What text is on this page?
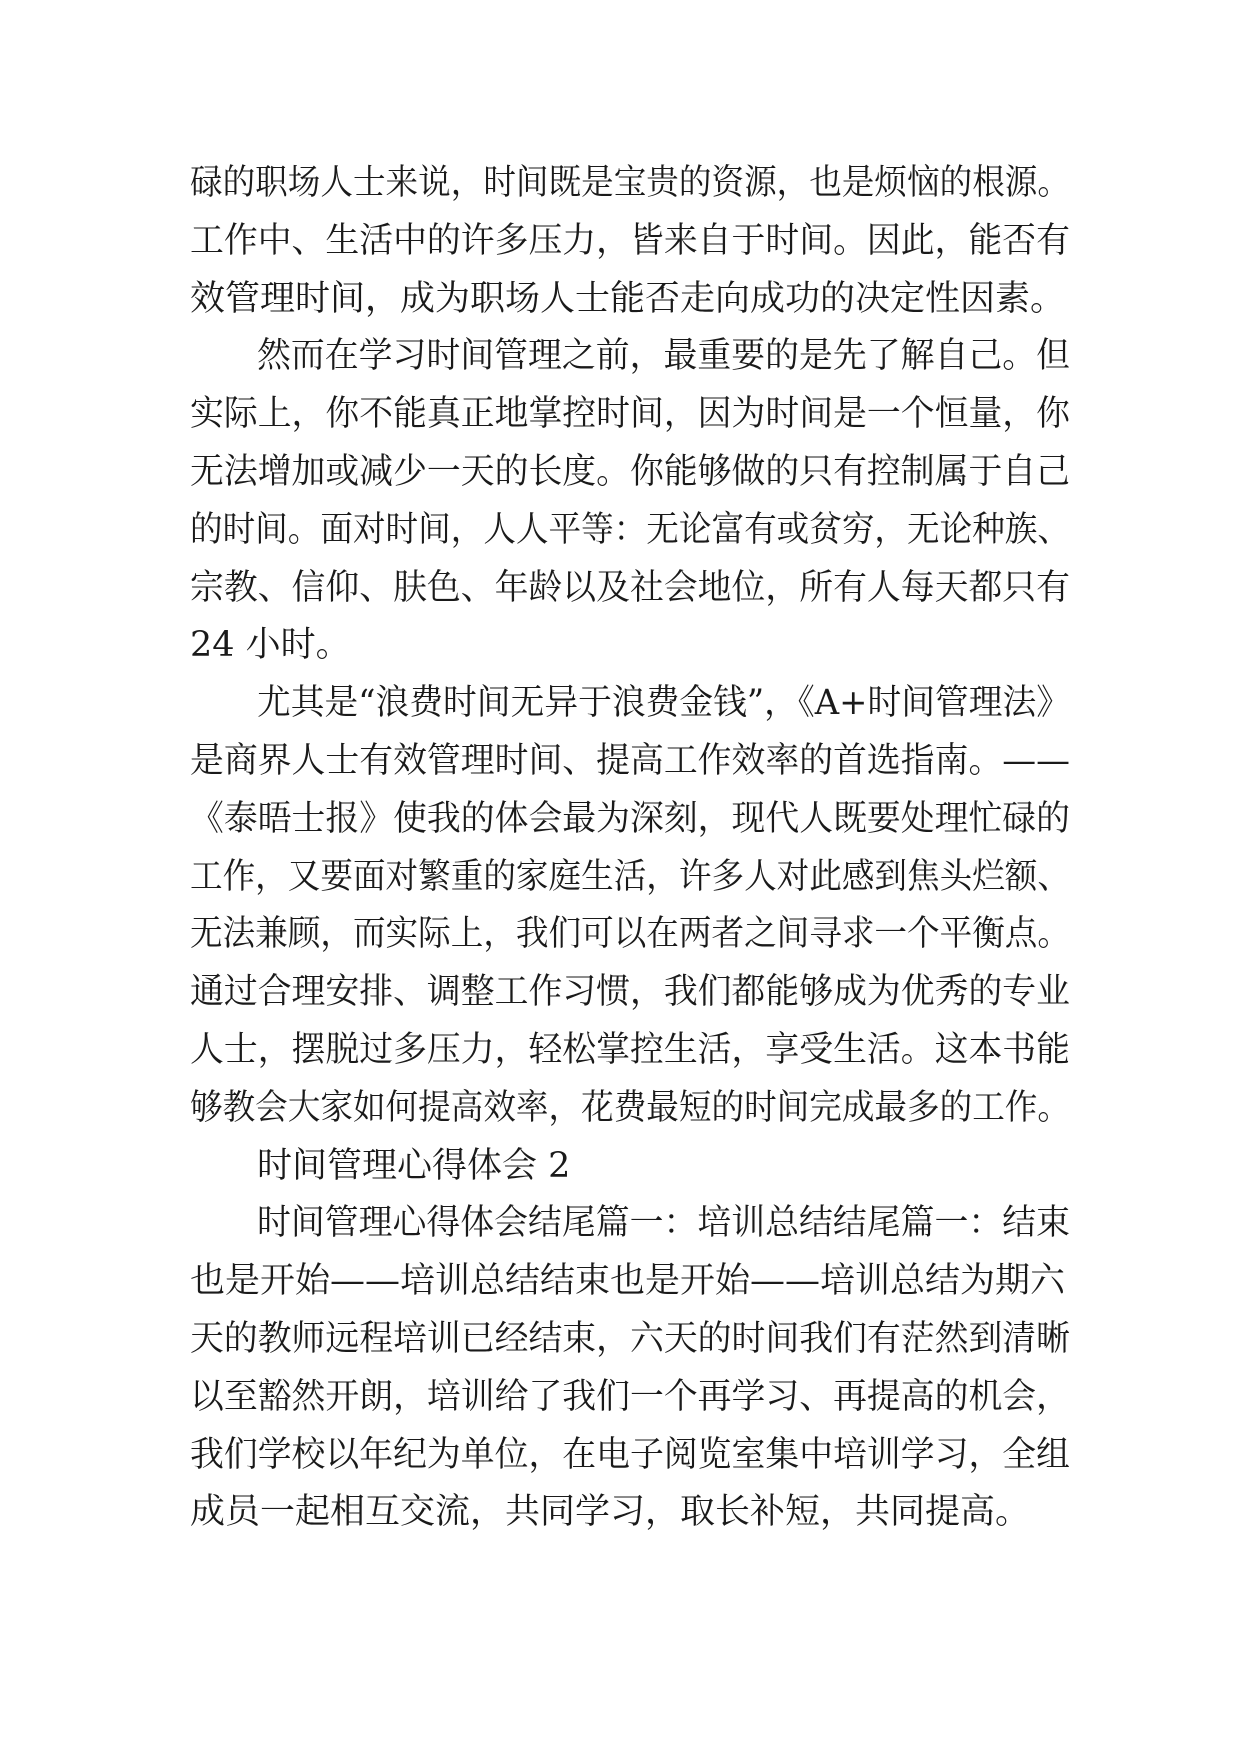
碌的职场人士来说，时间既是宝贵的资源，也是烦恼的根源。
工作中、生活中的许多压力，皆来自于时间。因此，能否有
效管理时间，成为职场人士能否走向成功的决定性因素。
然而在学习时间管理之前，最重要的是先了解自己。但
实际上，你不能真正地掌控时间，因为时间是一个恒量，你
无法增加或减少一天的长度。你能够做的只有控制属于自己
的时间。面对时间，人人平等：无论富有或贫穷，无论种族、
宗教、信仰、肤色、年龄以及社会地位，所有人每天都只有
24 小时。
尤其是“浪费时间无异于浪费金钱”，《A+时间管理法》
是商界人士有效管理时间、提高工作效率的首选指南。——
《泰晤士报》使我的体会最为深刻，现代人既要处理忙碌的
工作，又要面对繁重的家庭生活，许多人对此感到焦头烂额、
无法兼顾，而实际上，我们可以在两者之间寻求一个平衡点。
通过合理安排、调整工作习惯，我们都能够成为优秀的专业
人士，摆脱过多压力，轻松掌控生活，享受生活。这本书能
够教会大家如何提高效率，花费最短的时间完成最多的工作。
时间管理心得体会 2
时间管理心得体会结尾篇一：培训总结结尾篇一：结束
也是开始——培训总结结束也是开始——培训总结为期六
天的教师远程培训已经结束，六天的时间我们有茫然到清晰
以至豁然开朗，培训给了我们一个再学习、再提高的机会，
我们学校以年纪为单位，在电子阅览室集中培训学习，全组
成员一起相互交流，共同学习，取长补短，共同提高。
